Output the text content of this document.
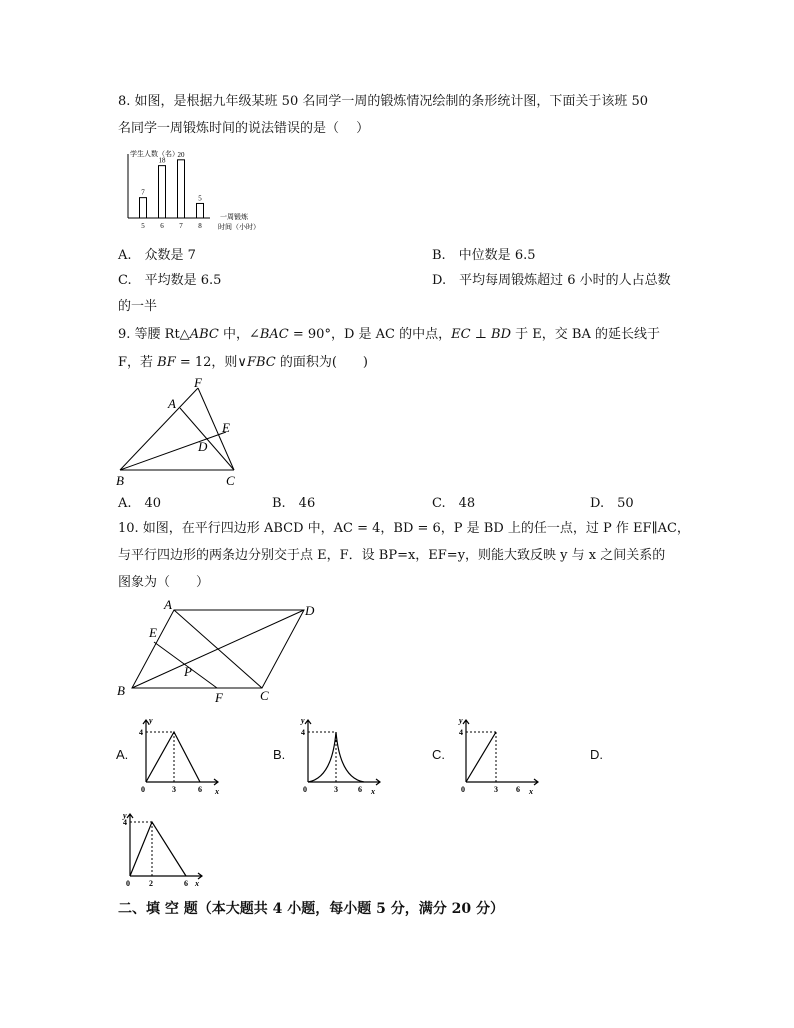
8. 如图，是根据九年级某班 50 名同学一周的锻炼情况绘制的条形统计图，下面关于该班 50
名同学一周锻炼时间的说法错误的是（　 ）
学生人数（名）
7
5
18
6
20
7
5
8
一周锻炼
时间（小时）
A.　众数是 7	B.　中位数是 6.5
C.　平均数是 6.5	D.　平均每周锻炼超过 6 小时的人占总数
的一半
9. 等腰 Rt△ABC 中，∠BAC = 90°，D 是 AC 的中点，EC ⊥ BD 于 E，交 BA 的延长线于
F，若 BF = 12，则∨FBC 的面积为(　　)
F
A
E
D
B	C
A.　40	B.　46	C.　48	D.　50
10. 如图，在平行四边形 ABCD 中，AC = 4，BD = 6，P 是 BD 上的任一点，过 P 作 EF∥AC，
与平行四边形的两条边分别交于点 E，F．设 BP=x，EF=y，则能大致反映 y 与 x 之间关系的
图象为（　　）
A	D
E
P
B	F	C
A.	B.	C.	D.
y
x
4
0	3	6
y
x
4
0	3	6
y
x
4
0	3 6
y
x
4
0 2	6
二、填 空 题（本大题共 4 小题，每小题 5 分，满分 20 分）
